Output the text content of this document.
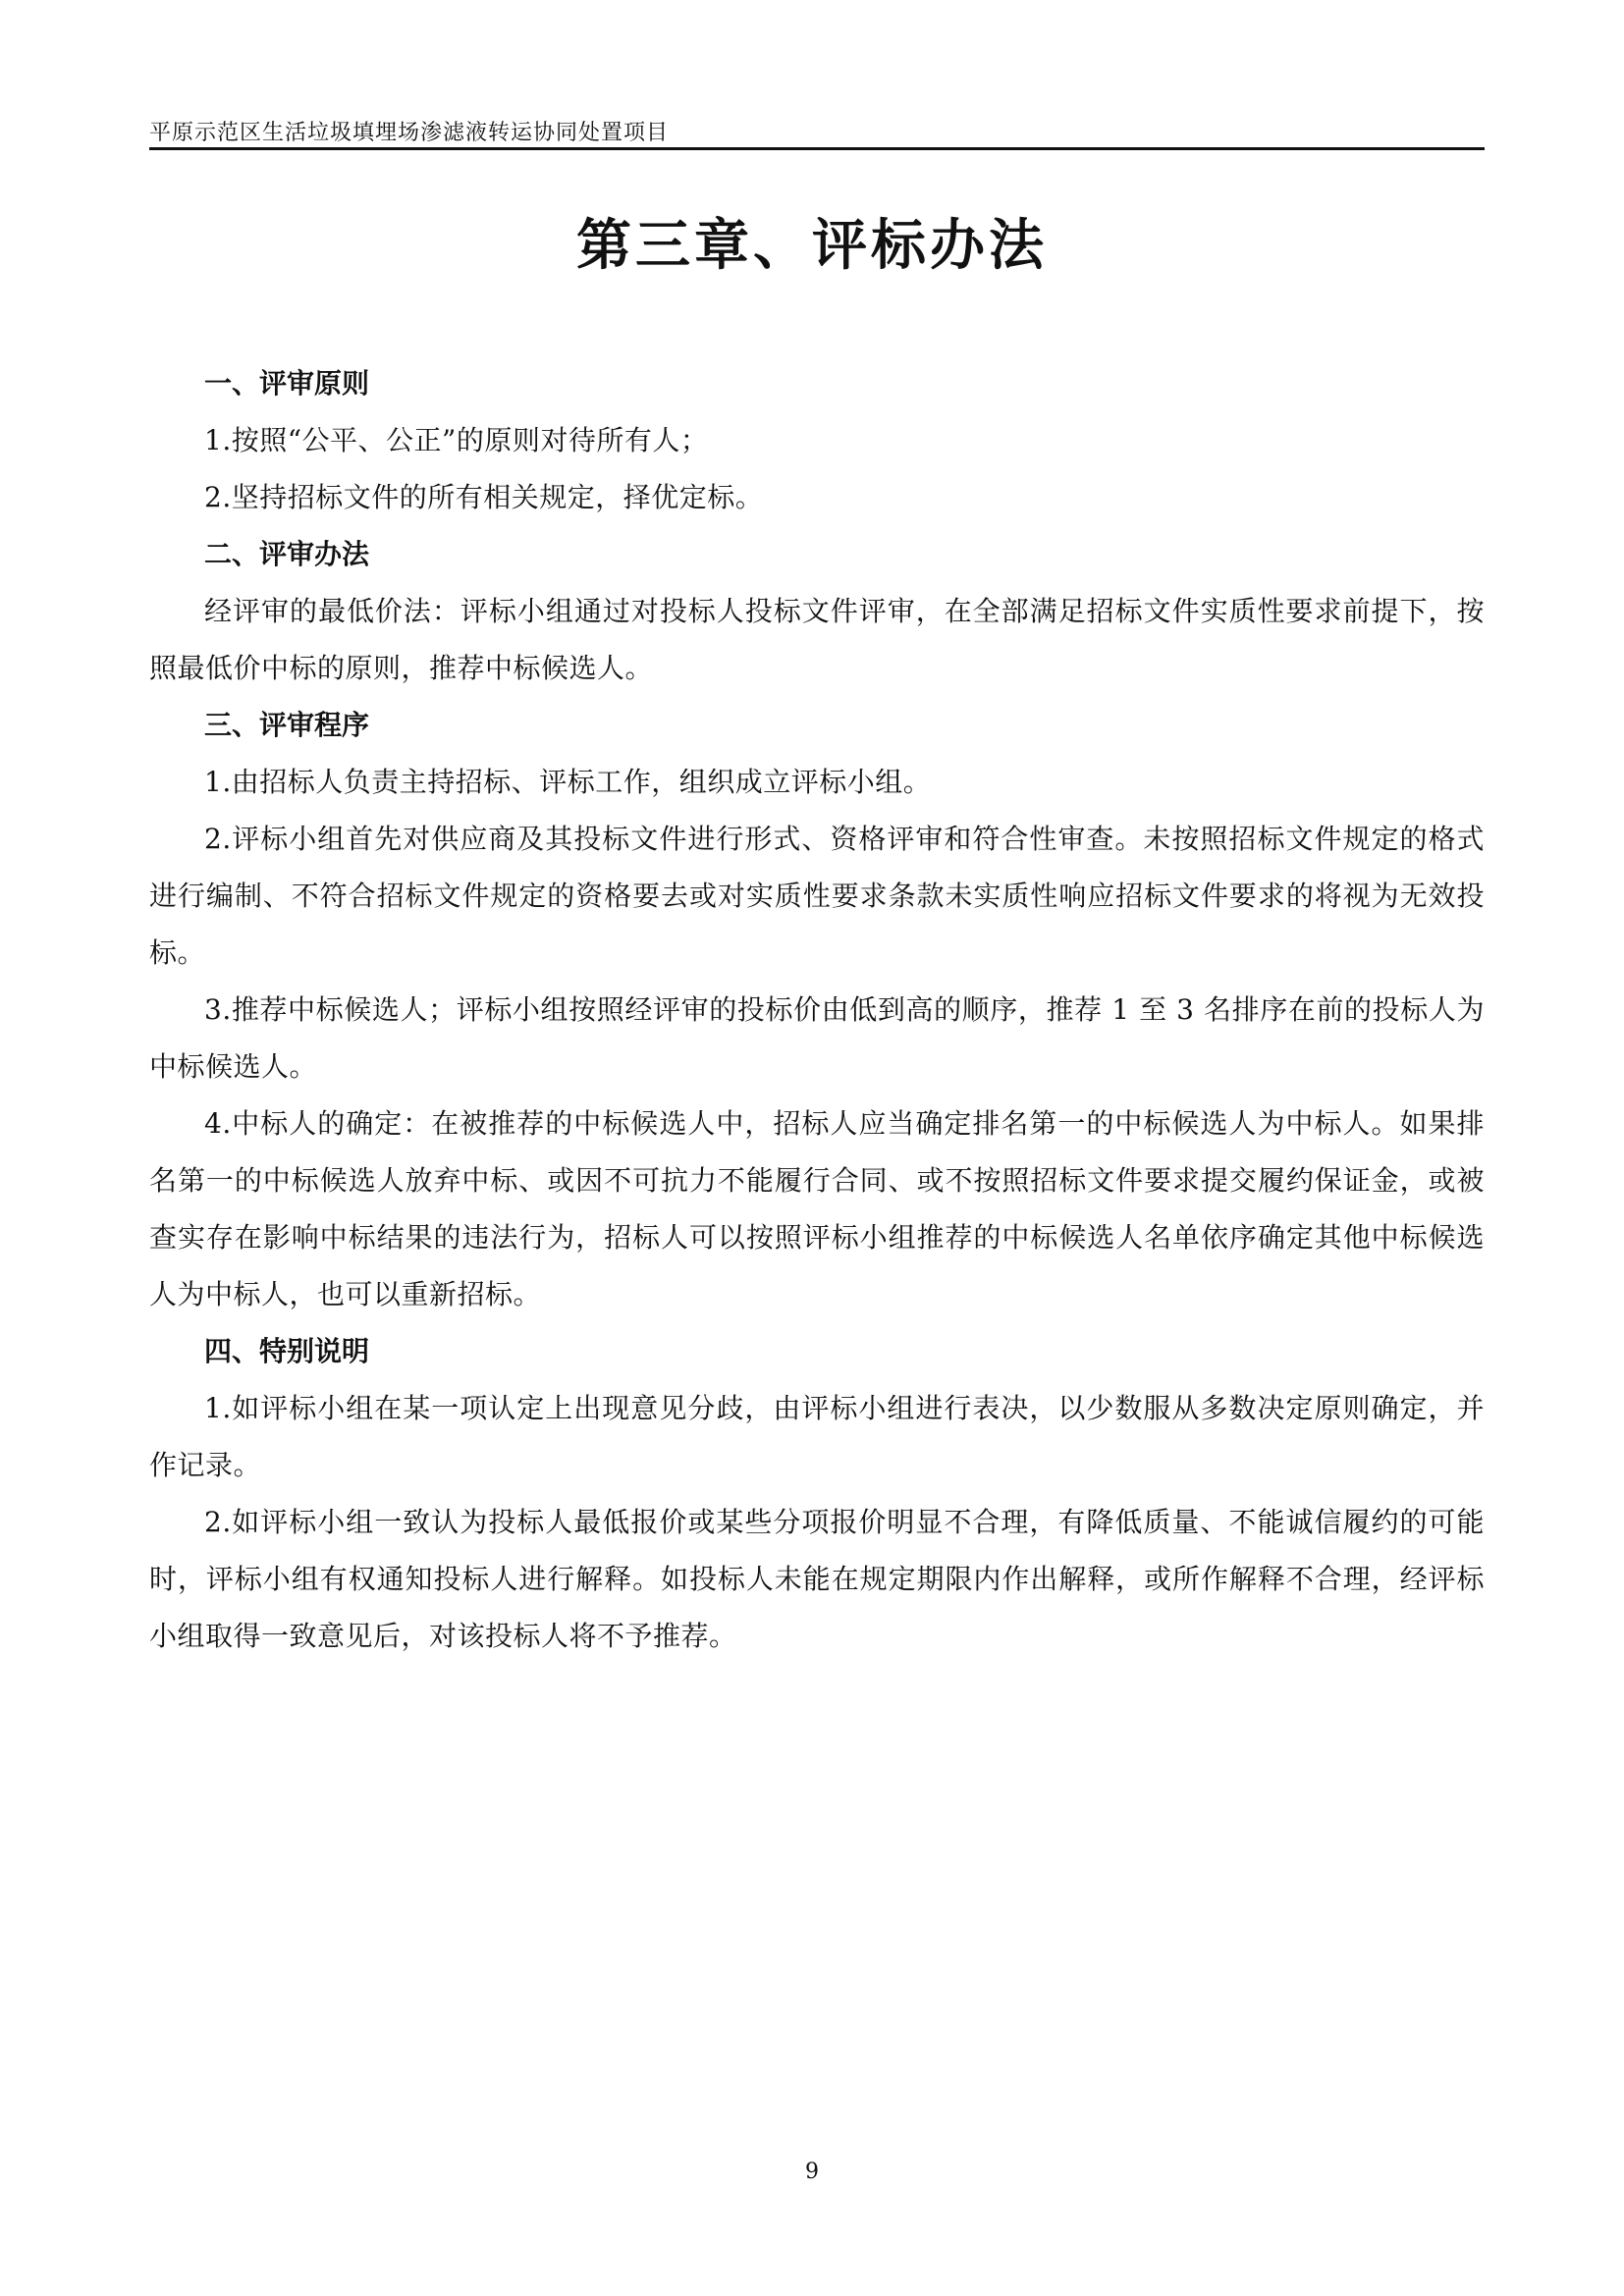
平原示范区生活垃圾填埋场渗滤液转运协同处置项目
第三章、评标办法
一、评审原则

1.按照“公平、公正”的原则对待所有人；

2.坚持招标文件的所有相关规定，择优定标。

二、评审办法

经评审的最低价法：评标小组通过对投标人投标文件评审，在全部满足招标文件实质性要求前提下，按照最低价中标的原则，推荐中标候选人。

三、评审程序

1.由招标人负责主持招标、评标工作，组织成立评标小组。

2.评标小组首先对供应商及其投标文件进行形式、资格评审和符合性审查。未按照招标文件规定的格式进行编制、不符合招标文件规定的资格要去或对实质性要求条款未实质性响应招标文件要求的将视为无效投标。

3.推荐中标候选人；评标小组按照经评审的投标价由低到高的顺序，推荐 1 至 3 名排序在前的投标人为中标候选人。

4.中标人的确定：在被推荐的中标候选人中，招标人应当确定排名第一的中标候选人为中标人。如果排名第一的中标候选人放弃中标、或因不可抗力不能履行合同、或不按照招标文件要求提交履约保证金，或被查实存在影响中标结果的违法行为，招标人可以按照评标小组推荐的中标候选人名单依序确定其他中标候选人为中标人，也可以重新招标。

四、特别说明

1.如评标小组在某一项认定上出现意见分歧，由评标小组进行表决，以少数服从多数决定原则确定，并作记录。

2.如评标小组一致认为投标人最低报价或某些分项报价明显不合理，有降低质量、不能诚信履约的可能时，评标小组有权通知投标人进行解释。如投标人未能在规定期限内作出解释，或所作解释不合理，经评标小组取得一致意见后，对该投标人将不予推荐。

9
